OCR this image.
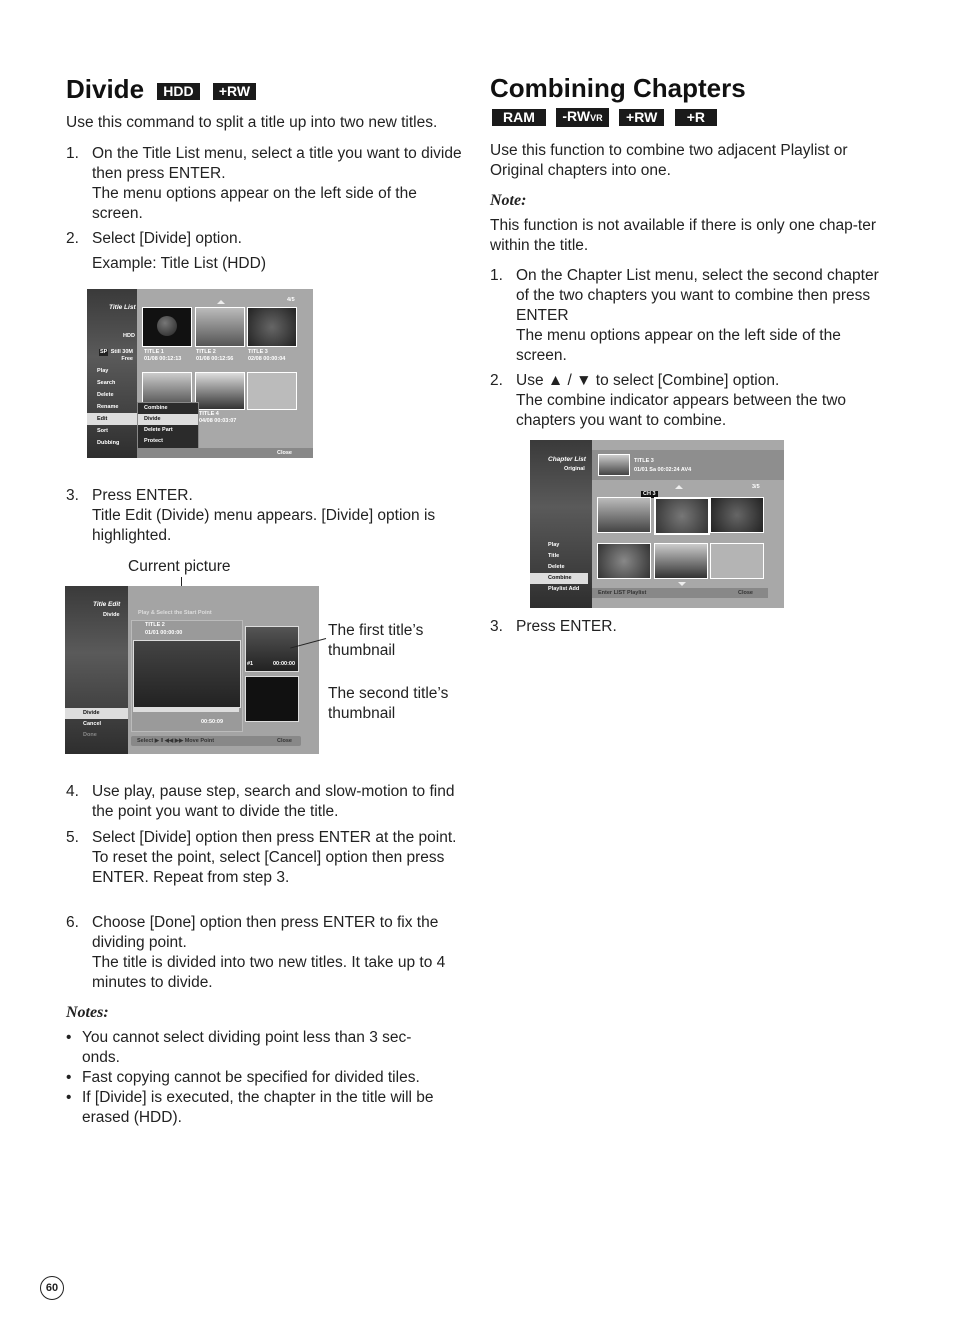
Divide HDD +RW
Use this command to split a title up into two new titles.
1. On the Title List menu, select a title you want to divide then press ENTER.
The menu options appear on the left side of the screen.
2. Select [Divide] option.
Example: Title List (HDD)
Title List
HDD
SP Still 30M Free
4/5
TITLE 1
01/08 00:12:13
TITLE 2
01/08 00:12:56
TITLE 3
02/08 00:00:04
TITLE 4
04/08 00:03:07
Play
Search
Delete
Rename
Edit
Sort
Dubbing
Combine
Divide
Delete Part
Protect
Close
3. Press ENTER.
Title Edit (Divide) menu appears. [Divide] option is highlighted.
Current picture
Title Edit
Divide	Play & Select the Start Point
TITLE 2
01/01 00:00:00
00:50:09
#1	00:00:00
Divide
Cancel
Done
Select ▶ ‖ ◀◀ ▶▶ Move Point	Close
The first title’s thumbnail
The second title’s thumbnail
4. Use play, pause step, search and slow-motion to find the point you want to divide the title.
5. Select [Divide] option then press ENTER at the point.
To reset the point, select [Cancel] option then press ENTER. Repeat from step 3.
6. Choose [Done] option then press ENTER to fix the dividing point.
The title is divided into two new titles. It take up to 4 minutes to divide.
Notes:
• You cannot select dividing point less than 3 sec-onds.
• Fast copying cannot be specified for divided tiles.
• If [Divide] is executed, the chapter in the title will be erased (HDD).
Combining Chapters
RAM -RWVR +RW +R
Use this function to combine two adjacent Playlist or Original chapters into one.
Note:
This function is not available if there is only one chap-ter within the title.
1. On the Chapter List menu, select the second chapter of the two chapters you want to combine then press ENTER
The menu options appear on the left side of the screen.
2. Use ▲ / ▼ to select [Combine] option.
The combine indicator appears between the two chapters you want to combine.
Chapter List
Original
TITLE 3
01/01 Sa 00:02:24 AV4
3/5
CH 3
Play
Title
Delete
Combine
Playlist Add
Enter LIST Playlist	Close
3. Press ENTER.
60
